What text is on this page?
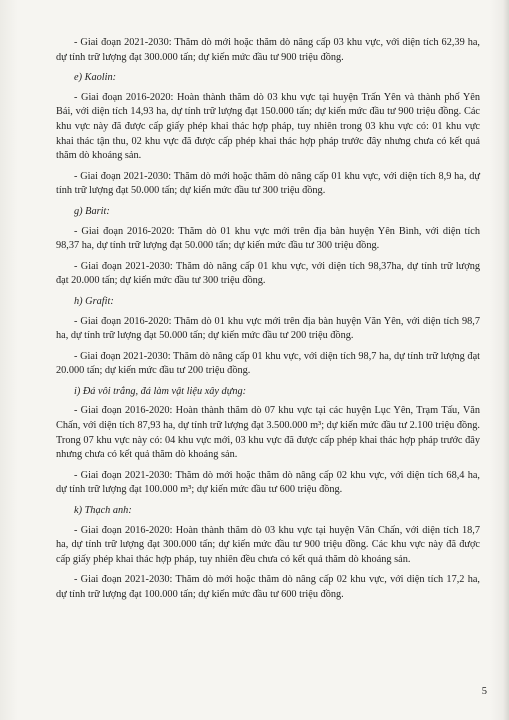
- Giai đoạn 2021-2030: Thăm dò mới hoặc thăm dò nâng cấp 03 khu vực, với diện tích 62,39 ha, dự tính trữ lượng đạt 300.000 tấn; dự kiến mức đầu tư 900 triệu đồng.

e) Kaolin:

- Giai đoạn 2016-2020: Hoàn thành thăm dò 03 khu vực tại huyện Trấn Yên và thành phố Yên Bái, với diện tích 14,93 ha, dự tính trữ lượng đạt 150.000 tấn; dự kiến mức đầu tư 900 triệu đồng. Các khu vực này đã được cấp giấy phép khai thác hợp pháp, tuy nhiên trong 03 khu vực có: 01 khu vực khai thác tận thu, 02 khu vực đã được cấp phép khai thác hợp pháp trước đây nhưng chưa có kết quả thăm dò khoáng sản.

- Giai đoạn 2021-2030: Thăm dò mới hoặc thăm dò nâng cấp 01 khu vực, với diện tích 8,9 ha, dự tính trữ lượng đạt 50.000 tấn; dự kiến mức đầu tư 300 triệu đồng.

g) Barit:

- Giai đoạn 2016-2020: Thăm dò 01 khu vực mới trên địa bàn huyện Yên Bình, với diện tích 98,37 ha, dự tính trữ lượng đạt 50.000 tấn; dự kiến mức đầu tư 300 triệu đồng.

- Giai đoạn 2021-2030: Thăm dò nâng cấp 01 khu vực, với diện tích 98,37ha, dự tính trữ lượng đạt 20.000 tấn; dự kiến mức đầu tư 300 triệu đồng.

h) Grafit:

- Giai đoạn 2016-2020: Thăm dò 01 khu vực mới trên địa bàn huyện Văn Yên, với diện tích 98,7 ha, dự tính trữ lượng đạt 50.000 tấn; dự kiến mức đầu tư 200 triệu đồng.

- Giai đoạn 2021-2030: Thăm dò nâng cấp 01 khu vực, với diện tích 98,7 ha, dự tính trữ lượng đạt 20.000 tấn; dự kiến mức đầu tư 200 triệu đồng.

i) Đá vôi trắng, đá làm vật liệu xây dựng:

- Giai đoạn 2016-2020: Hoàn thành thăm dò 07 khu vực tại các huyện Lục Yên, Trạm Tấu, Văn Chấn, với diện tích 87,93 ha, dự tính trữ lượng đạt 3.500.000 m³; dự kiến mức đầu tư 2.100 triệu đồng. Trong 07 khu vực này có: 04 khu vực mới, 03 khu vực đã được cấp phép khai thác hợp pháp trước đây nhưng chưa có kết quả thăm dò khoáng sản.

- Giai đoạn 2021-2030: Thăm dò mới hoặc thăm dò nâng cấp 02 khu vực, với diện tích 68,4 ha, dự tính trữ lượng đạt 100.000 m³; dự kiến mức đầu tư 600 triệu đồng.

k) Thạch anh:

- Giai đoạn 2016-2020: Hoàn thành thăm dò 03 khu vực tại huyện Văn Chấn, với diện tích 18,7 ha, dự tính trữ lượng đạt 300.000 tấn; dự kiến mức đầu tư 900 triệu đồng. Các khu vực này đã được cấp giấy phép khai thác hợp pháp, tuy nhiên đều chưa có kết quả thăm dò khoáng sản.

- Giai đoạn 2021-2030: Thăm dò mới hoặc thăm dò nâng cấp 02 khu vực, với diện tích 17,2 ha, dự tính trữ lượng đạt 100.000 tấn; dự kiến mức đầu tư 600 triệu đồng.

5
